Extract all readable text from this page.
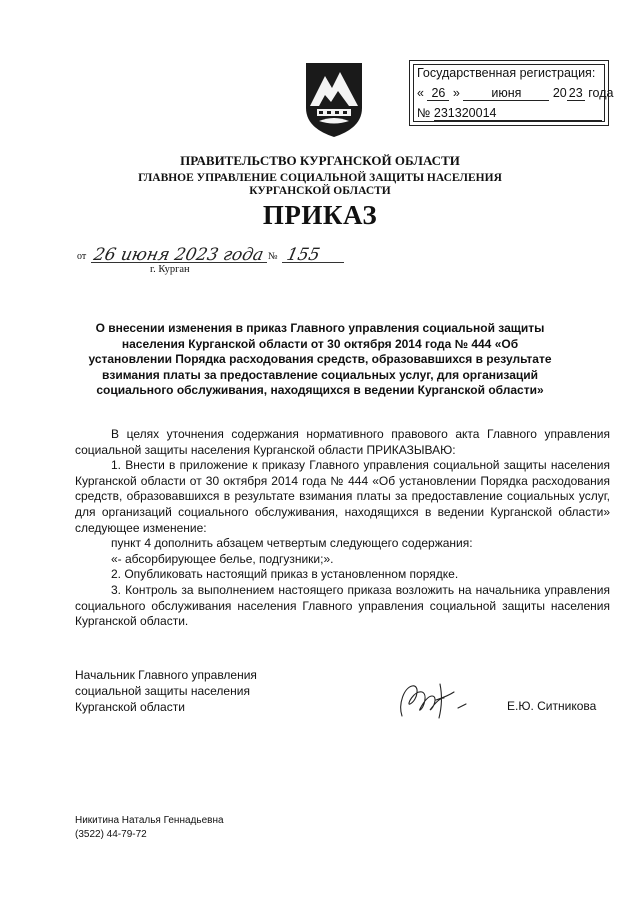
Государственная регистрация:
« 26 »	июня	20 23 года
№ 231320014
ПРАВИТЕЛЬСТВО КУРГАНСКОЙ ОБЛАСТИ
ГЛАВНОЕ УПРАВЛЕНИЕ СОЦИАЛЬНОЙ ЗАЩИТЫ НАСЕЛЕНИЯ
КУРГАНСКОЙ ОБЛАСТИ
ПРИКАЗ
от 26 июня 2023 года № 155
г. Курган
О внесении изменения в приказ Главного управления социальной защиты населения Курганской области от 30 октября 2014 года № 444 «Об установлении Порядка расходования средств, образовавшихся в результате взимания платы за предоставление социальных услуг, для организаций социального обслуживания, находящихся в ведении Курганской области»

В целях уточнения содержания нормативного правового акта Главного управления социальной защиты населения Курганской области ПРИКАЗЫВАЮ:

1. Внести в приложение к приказу Главного управления социальной защиты населения Курганской области от 30 октября 2014 года № 444 «Об установлении Порядка расходования средств, образовавшихся в результате взимания платы за предоставление социальных услуг, для организаций социального обслуживания, находящихся в ведении Курганской области» следующее изменение:

пункт 4 дополнить абзацем четвертым следующего содержания:

«- абсорбирующее белье, подгузники;».

2. Опубликовать настоящий приказ в установленном порядке.

3. Контроль за выполнением настоящего приказа возложить на начальника управления социального обслуживания населения Главного управления социальной защиты населения Курганской области.

Начальник Главного управления
социальной защиты населения
Курганской области	Е.Ю. Ситникова
Никитина Наталья Геннадьевна
(3522) 44-79-72
